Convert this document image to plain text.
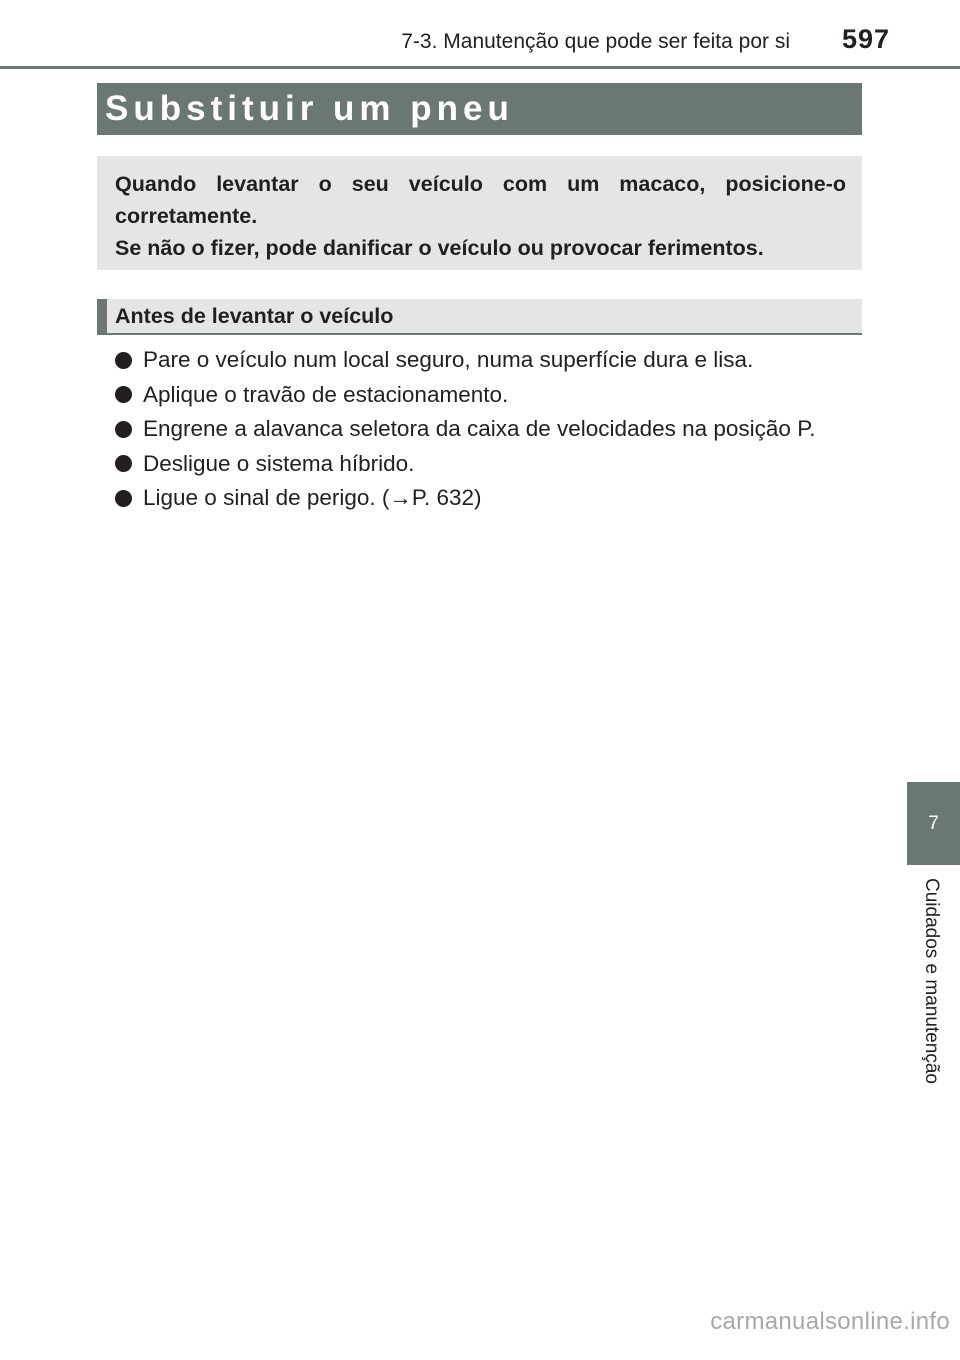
7-3. Manutenção que pode ser feita por si	597
Substituir um pneu

Quando levantar o seu veículo com um macaco, posicione-o corretamente.

Se não o fizer, pode danificar o veículo ou provocar ferimentos.

Antes de levantar o veículo
Pare o veículo num local seguro, numa superfície dura e lisa.
Aplique o travão de estacionamento.
Engrene a alavanca seletora da caixa de velocidades na posição P.
Desligue o sistema híbrido.
Ligue o sinal de perigo. (→P. 632)
7
Cuidados e manutenção
carmanualsonline.info
